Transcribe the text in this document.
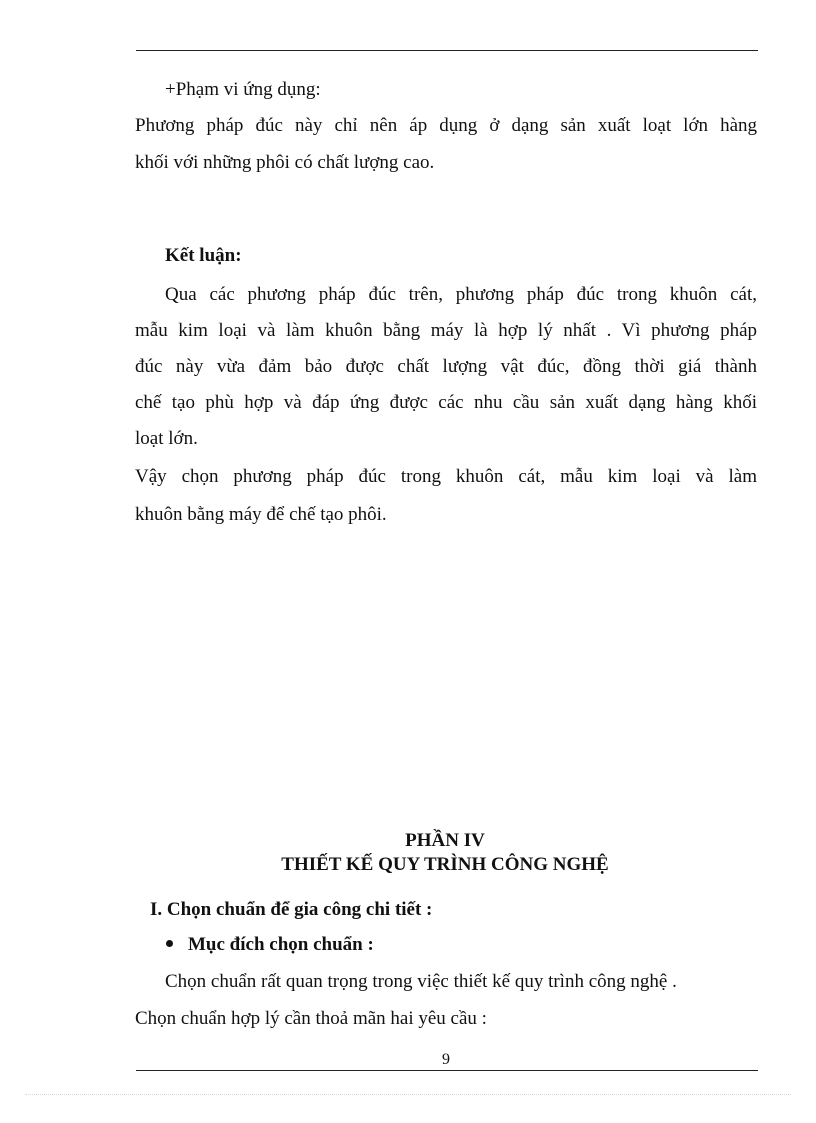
+Phạm vi ứng dụng:
Phương pháp đúc này chỉ nên áp dụng ở dạng sản xuất loạt lớn hàng
khối với những phôi có chất lượng cao.
Kết luận:
Qua các phương pháp đúc trên, phương pháp đúc trong khuôn cát,
mẫu kim loại và làm khuôn bằng máy là hợp lý nhất . Vì phương pháp
đúc này vừa đảm bảo được chất lượng vật đúc, đồng thời giá thành
chế tạo phù hợp và đáp ứng được các nhu cầu sản xuất dạng hàng khối
loạt lớn.
Vậy chọn phương pháp đúc trong khuôn cát, mẫu kim loại và làm
khuôn bằng máy để chế tạo phôi.
PHẦN IV
THIẾT KẾ QUY TRÌNH CÔNG NGHỆ
I. Chọn chuẩn để gia công chi tiết :
Mục đích chọn chuẩn :
Chọn chuẩn rất quan trọng trong việc thiết kế quy trình công nghệ .
Chọn chuẩn hợp lý cần thoả mãn hai yêu cầu :
9
